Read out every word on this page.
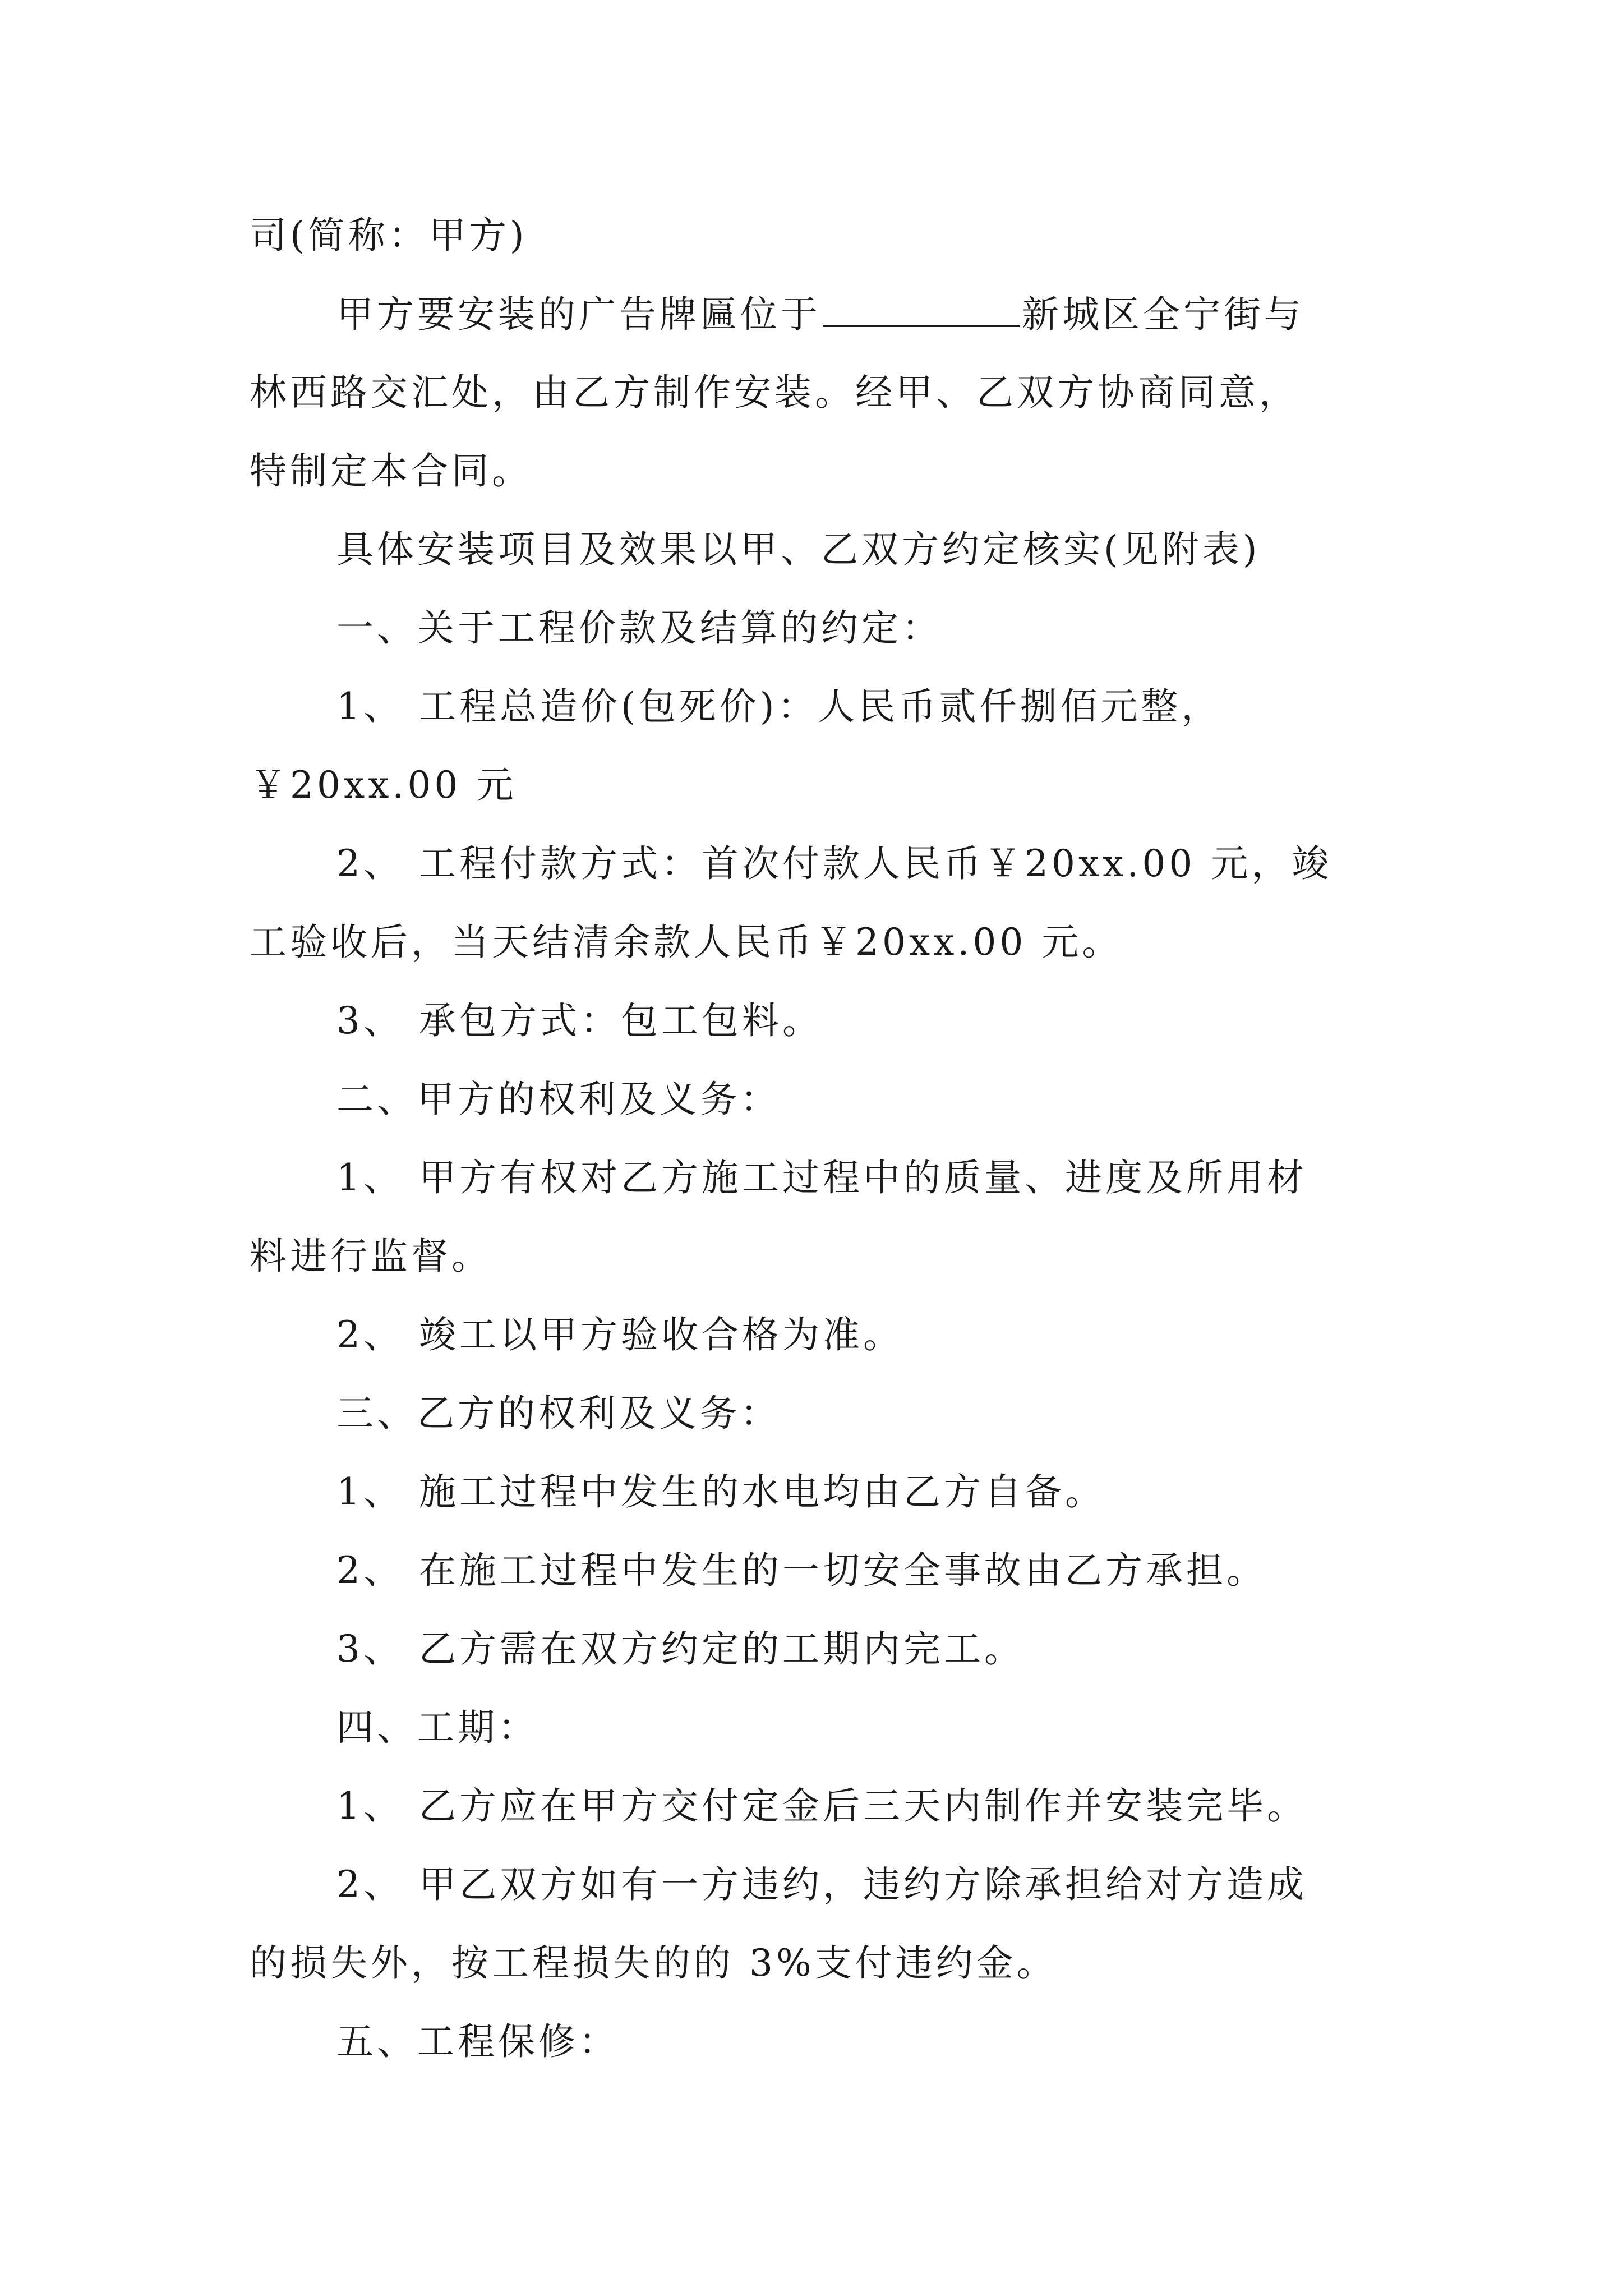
司(简称：甲方)
甲方要安装的广告牌匾位于	新城区全宁街与
林西路交汇处，由乙方制作安装。经甲、乙双方协商同意，
特制定本合同。
具体安装项目及效果以甲、乙双方约定核实(见附表)
一、关于工程价款及结算的约定：
1、 工程总造价(包死价)：人民币贰仟捌佰元整，
￥20xx.00 元
2、 工程付款方式：首次付款人民币￥20xx.00 元，竣
工验收后，当天结清余款人民币￥20xx.00 元。
3、 承包方式：包工包料。
二、甲方的权利及义务：
1、 甲方有权对乙方施工过程中的质量、进度及所用材
料进行监督。
2、 竣工以甲方验收合格为准。
三、乙方的权利及义务：
1、 施工过程中发生的水电均由乙方自备。
2、 在施工过程中发生的一切安全事故由乙方承担。
3、 乙方需在双方约定的工期内完工。
四、工期：
1、 乙方应在甲方交付定金后三天内制作并安装完毕。
2、 甲乙双方如有一方违约，违约方除承担给对方造成
的损失外，按工程损失的的 3%支付违约金。
五、工程保修：
